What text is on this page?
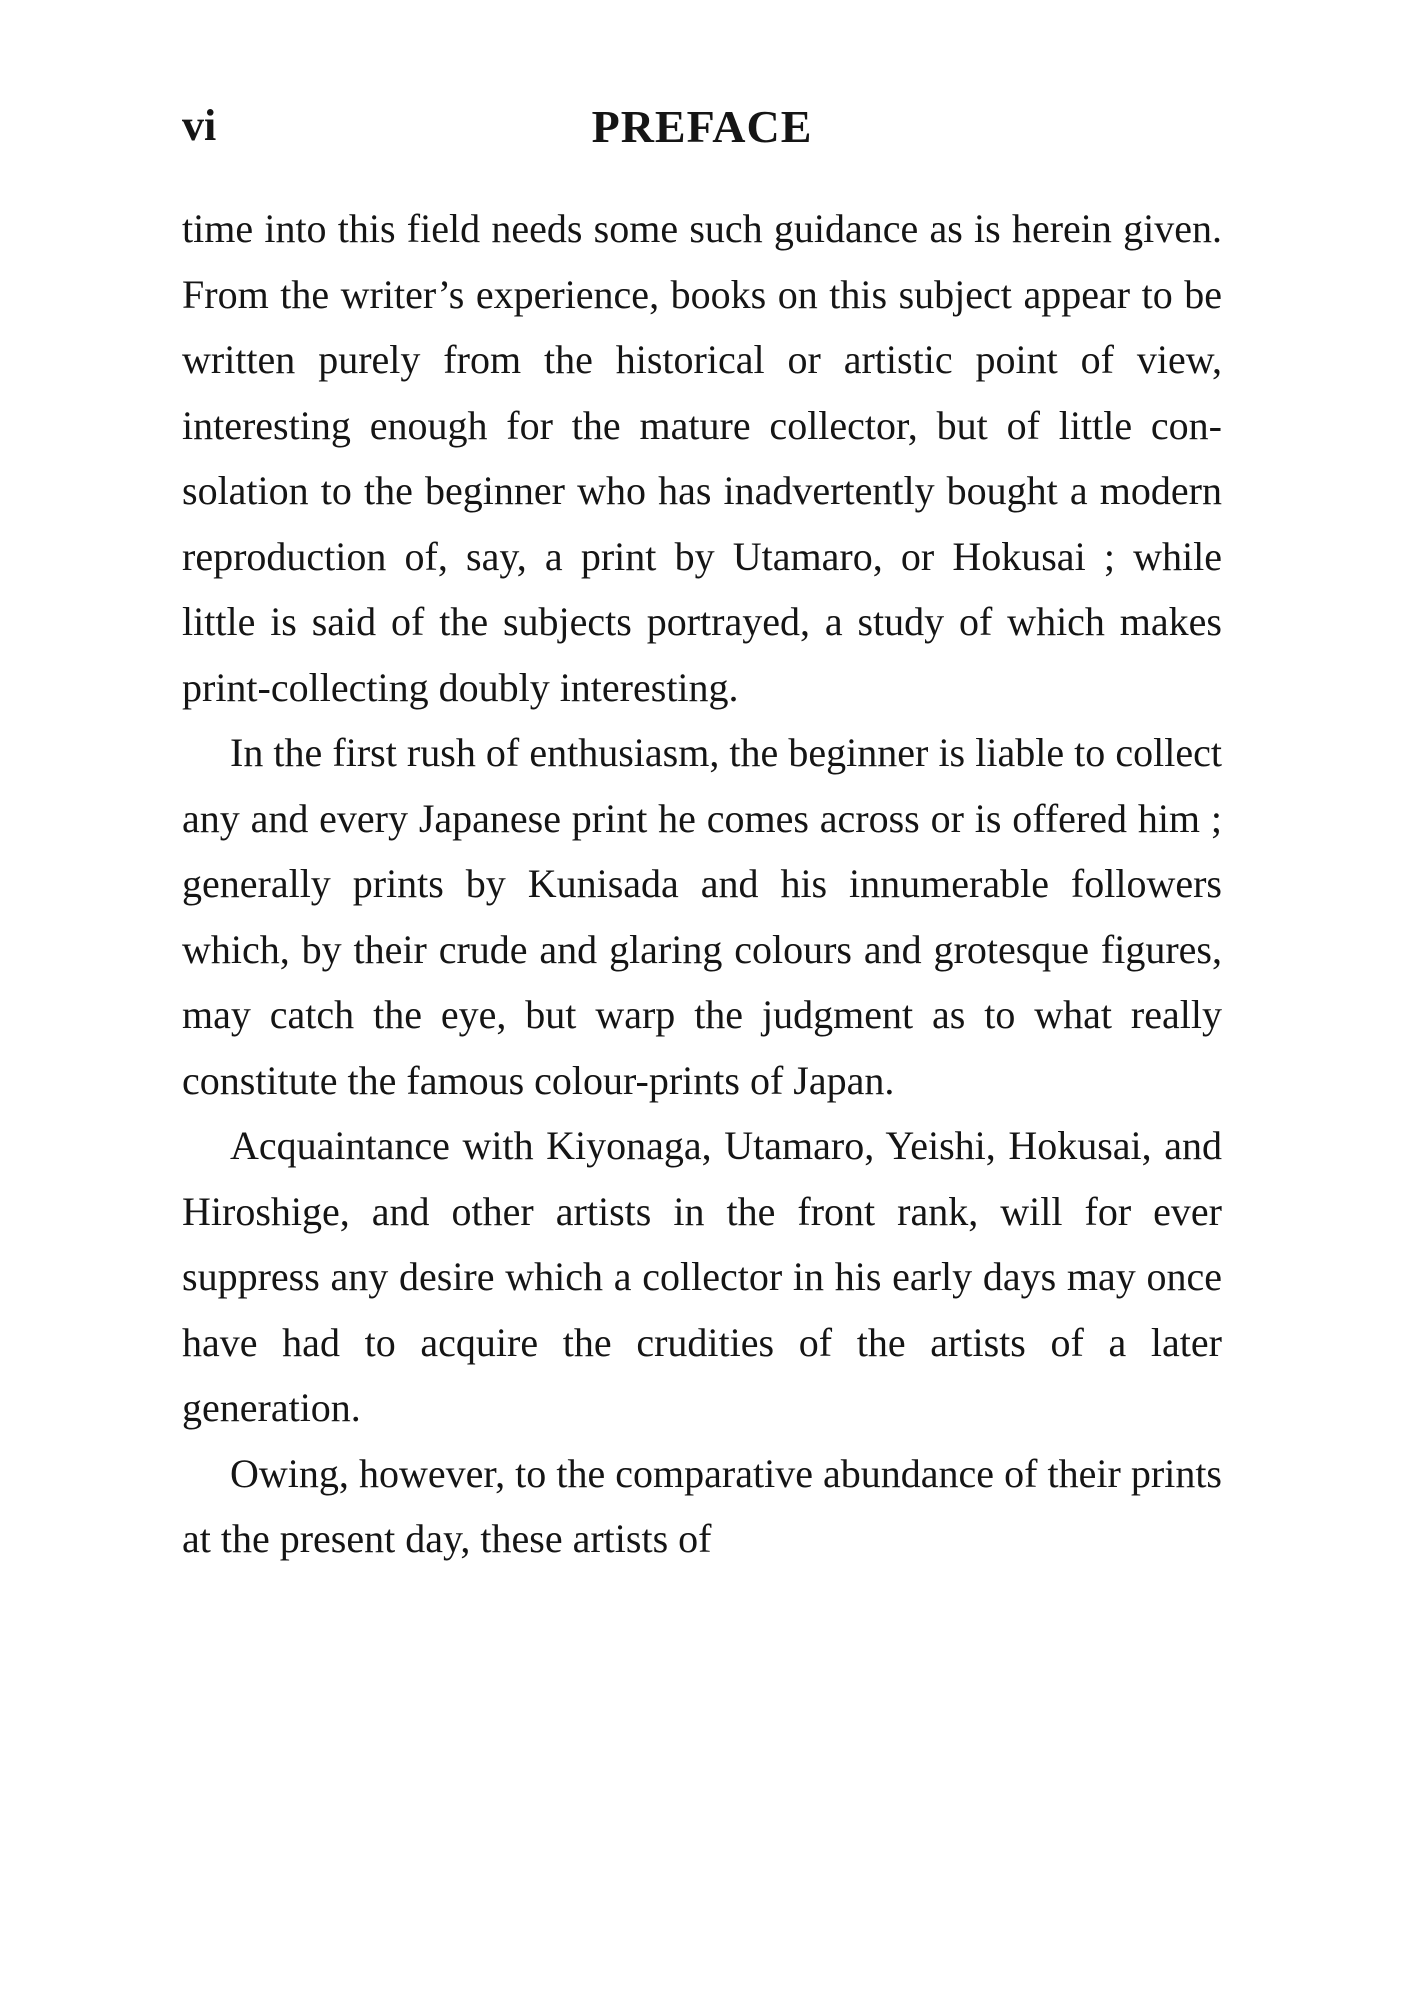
vi	PREFACE

time into this field needs some such guidance as is herein given. From the writer’s experience, books on this subject appear to be written purely from the historical or artistic point of view, interesting enough for the mature collector, but of little con-solation to the beginner who has inadvertently bought a modern reproduction of, say, a print by Utamaro, or Hokusai ; while little is said of the subjects portrayed, a study of which makes print-collecting doubly interesting.

In the first rush of enthusiasm, the beginner is liable to collect any and every Japanese print he comes across or is offered him ; generally prints by Kunisada and his innumerable followers which, by their crude and glaring colours and grotesque figures, may catch the eye, but warp the judgment as to what really constitute the famous colour-prints of Japan.

Acquaintance with Kiyonaga, Utamaro, Yeishi, Hokusai, and Hiroshige, and other artists in the front rank, will for ever suppress any desire which a collector in his early days may once have had to acquire the crudities of the artists of a later generation.

Owing, however, to the comparative abundance of their prints at the present day, these artists of
